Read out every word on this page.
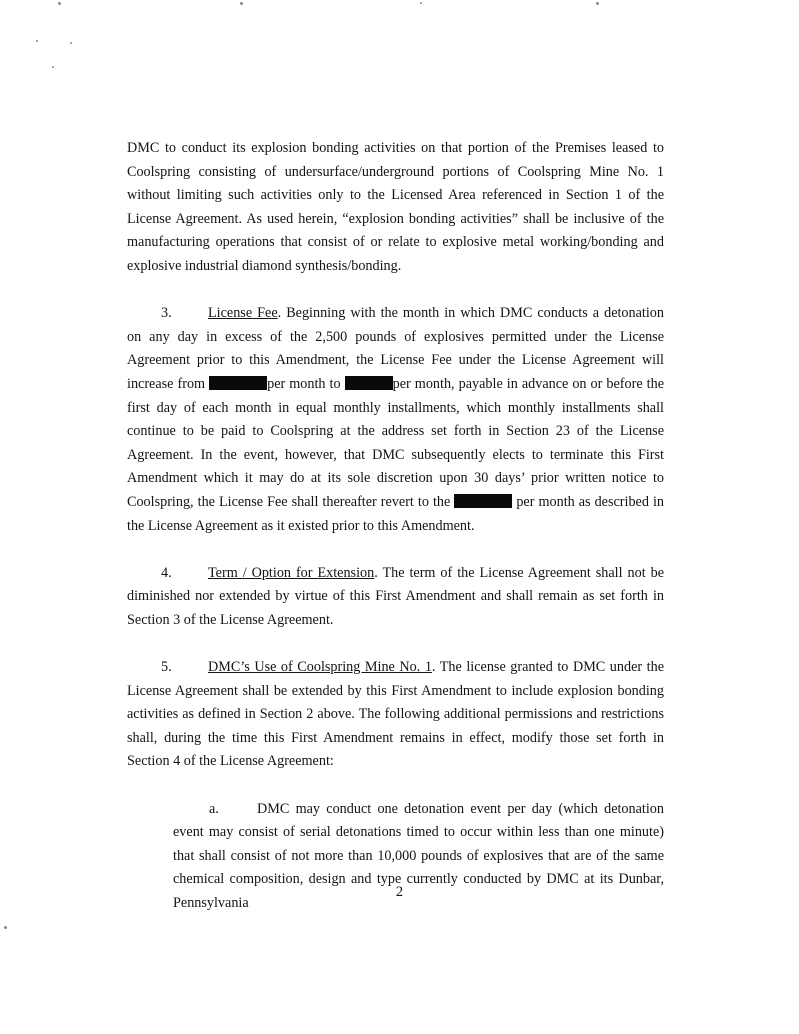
DMC to conduct its explosion bonding activities on that portion of the Premises leased to Coolspring consisting of undersurface/underground portions of Coolspring Mine No. 1 without limiting such activities only to the Licensed Area referenced in Section 1 of the License Agreement. As used herein, “explosion bonding activities” shall be inclusive of the manufacturing operations that consist of or relate to explosive metal working/bonding and explosive industrial diamond synthesis/bonding.

3.	License Fee. Beginning with the month in which DMC conducts a detonation on any day in excess of the 2,500 pounds of explosives permitted under the License Agreement prior to this Amendment, the License Fee under the License Agreement will increase from	per month to	per month, payable in advance on or before the first day of each month in equal monthly installments, which monthly installments shall continue to be paid to Coolspring at the address set forth in Section 23 of the License Agreement. In the event, however, that DMC subsequently elects to terminate this First Amendment which it may do at its sole discretion upon 30 days’ prior written notice to Coolspring, the License Fee shall thereafter revert to the	per month as described in the License Agreement as it existed prior to this Amendment.

4.	Term / Option for Extension. The term of the License Agreement shall not be diminished nor extended by virtue of this First Amendment and shall remain as set forth in Section 3 of the License Agreement.

5.	DMC’s Use of Coolspring Mine No. 1. The license granted to DMC under the License Agreement shall be extended by this First Amendment to include explosion bonding activities as defined in Section 2 above. The following additional permissions and restrictions shall, during the time this First Amendment remains in effect, modify those set forth in Section 4 of the License Agreement:

a.	DMC may conduct one detonation event per day (which detonation event may consist of serial detonations timed to occur within less than one minute) that shall consist of not more than 10,000 pounds of explosives that are of the same chemical composition, design and type currently conducted by DMC at its Dunbar, Pennsylvania

2
